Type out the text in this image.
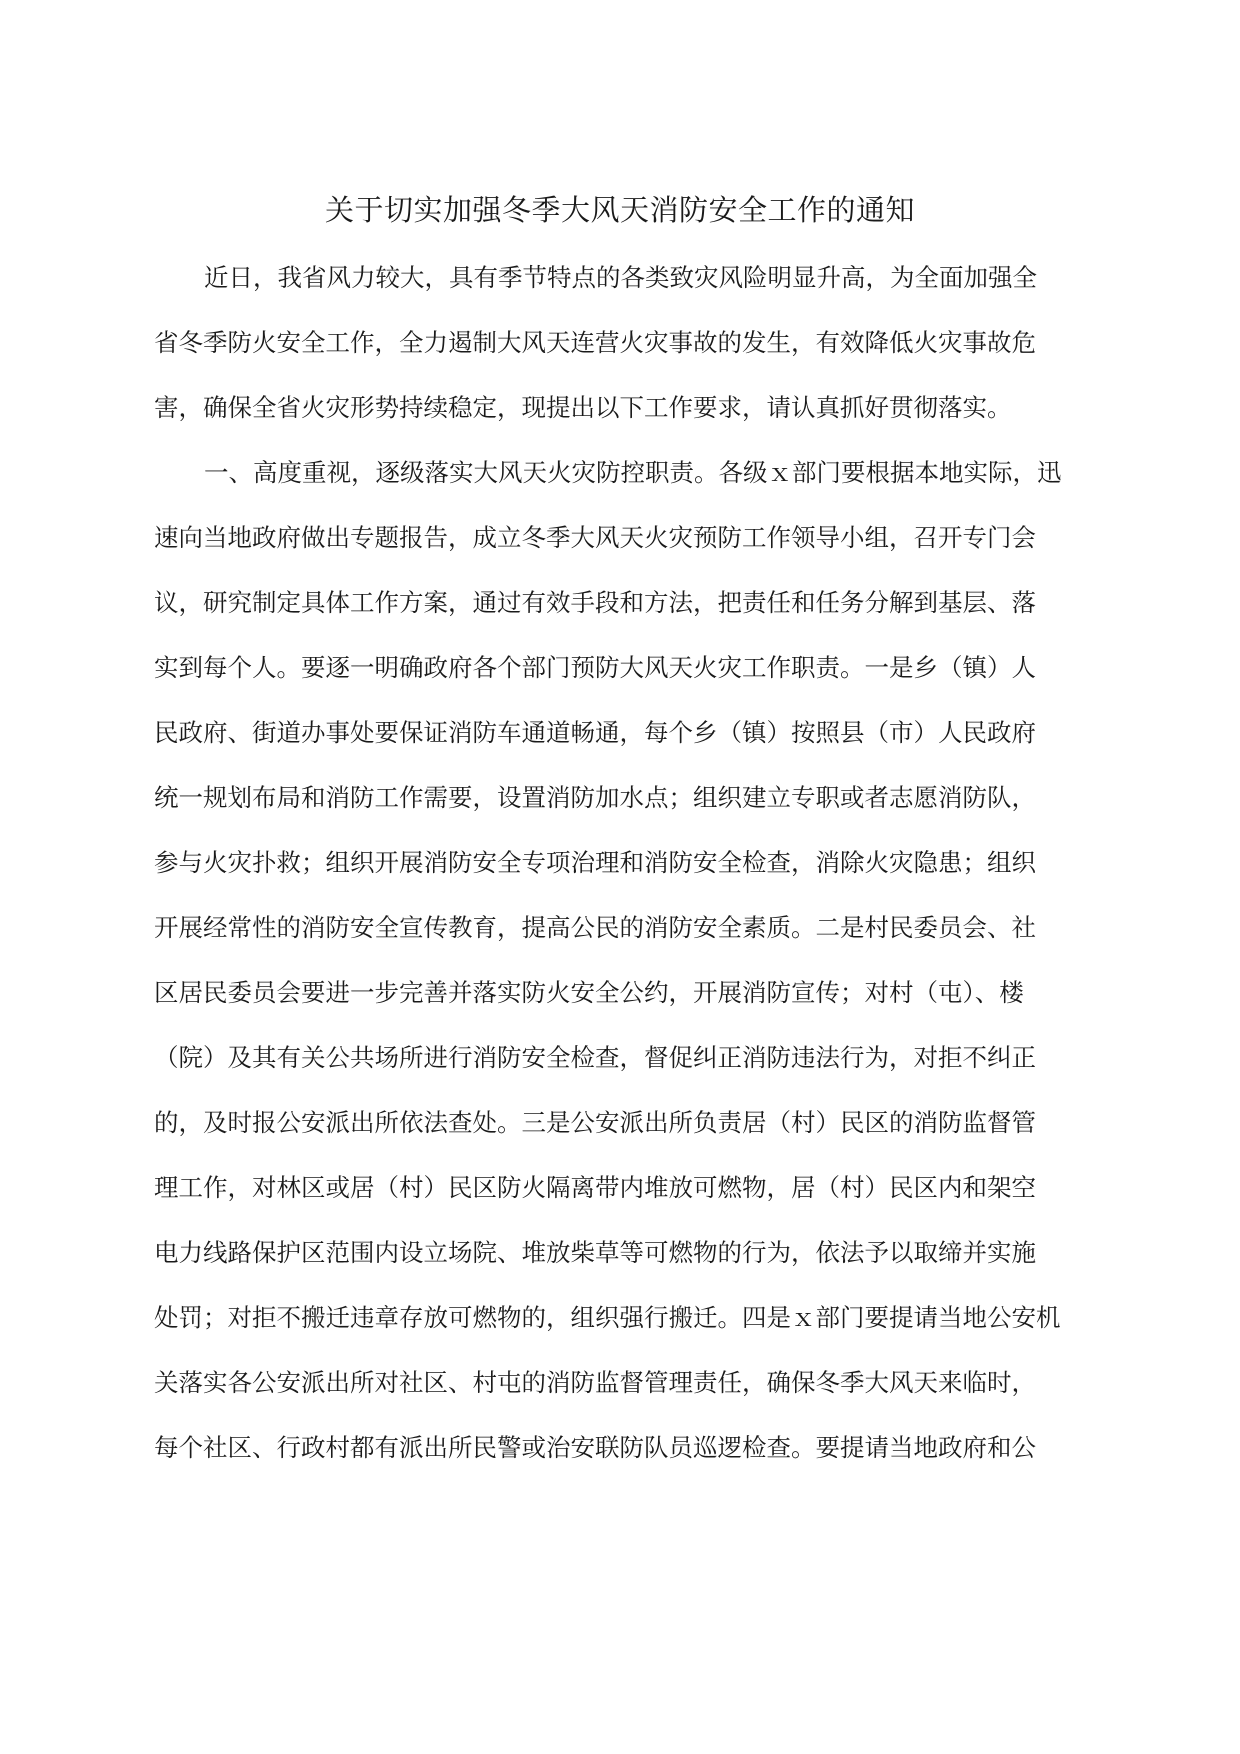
关于切实加强冬季大风天消防安全工作的通知
近日，我省风力较大，具有季节特点的各类致灾风险明显升高，为全面加强全
省冬季防火安全工作，全力遏制大风天连营火灾事故的发生，有效降低火灾事故危
害，确保全省火灾形势持续稳定，现提出以下工作要求，请认真抓好贯彻落实。
一、高度重视，逐级落实大风天火灾防控职责。各级ｘ部门要根据本地实际，迅
速向当地政府做出专题报告，成立冬季大风天火灾预防工作领导小组，召开专门会
议，研究制定具体工作方案，通过有效手段和方法，把责任和任务分解到基层、落
实到每个人。要逐一明确政府各个部门预防大风天火灾工作职责。一是乡（镇）人
民政府、街道办事处要保证消防车通道畅通，每个乡（镇）按照县（市）人民政府
统一规划布局和消防工作需要，设置消防加水点；组织建立专职或者志愿消防队，
参与火灾扑救；组织开展消防安全专项治理和消防安全检查，消除火灾隐患；组织
开展经常性的消防安全宣传教育，提高公民的消防安全素质。二是村民委员会、社
区居民委员会要进一步完善并落实防火安全公约，开展消防宣传；对村（屯）、楼
（院）及其有关公共场所进行消防安全检查，督促纠正消防违法行为，对拒不纠正
的，及时报公安派出所依法查处。三是公安派出所负责居（村）民区的消防监督管
理工作，对林区或居（村）民区防火隔离带内堆放可燃物，居（村）民区内和架空
电力线路保护区范围内设立场院、堆放柴草等可燃物的行为，依法予以取缔并实施
处罚；对拒不搬迁违章存放可燃物的，组织强行搬迁。四是ｘ部门要提请当地公安机
关落实各公安派出所对社区、村屯的消防监督管理责任，确保冬季大风天来临时，
每个社区、行政村都有派出所民警或治安联防队员巡逻检查。要提请当地政府和公
